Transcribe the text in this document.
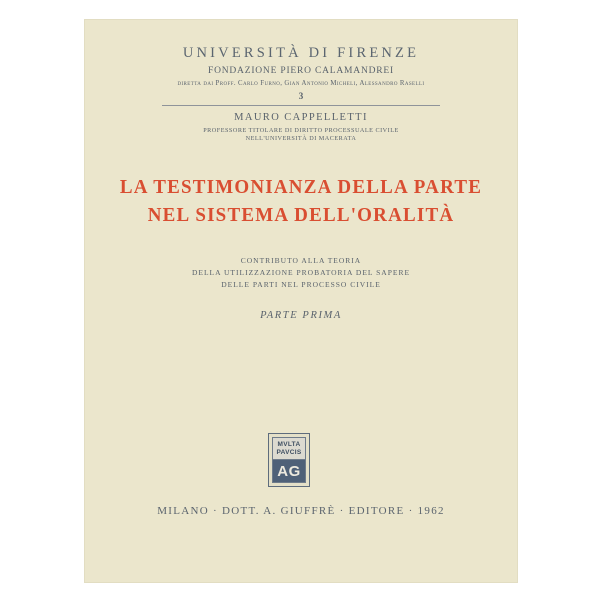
UNIVERSITÀ DI FIRENZE
FONDAZIONE PIERO CALAMANDREI
diretta dai Proff. Carlo Furno, Gian Antonio Micheli, Alessandro Raselli
3
MAURO CAPPELLETTI
PROFESSORE TITOLARE DI DIRITTO PROCESSUALE CIVILE
NELL'UNIVERSITÀ DI MACERATA
LA TESTIMONIANZA DELLA PARTE
NEL SISTEMA DELL'ORALITÀ
CONTRIBUTO ALLA TEORIA
DELLA UTILIZZAZIONE PROBATORIA DEL SAPERE
DELLE PARTI NEL PROCESSO CIVILE
PARTE PRIMA
MVLTA
PAVCIS
AG
MILANO · DOTT. A. GIUFFRÈ · EDITORE · 1962
